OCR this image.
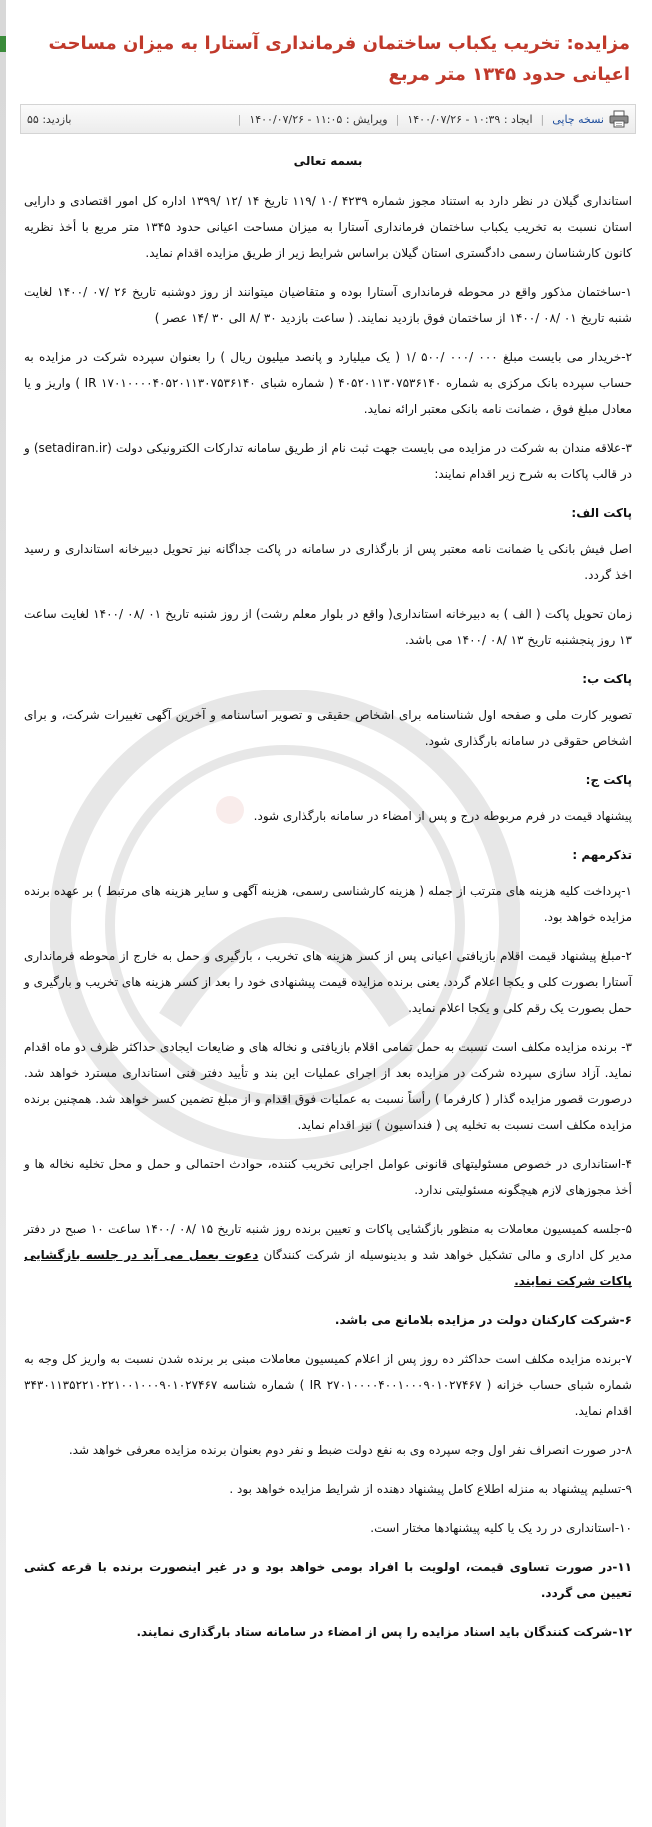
مزایده: تخریب یکباب ساختمان فرمانداری آستارا به میزان مساحت اعیانی حدود ۱۳۴۵ متر مربع
نسخه چاپی
|
ایجاد : ۱۰:۳۹ - ۱۴۰۰/۰۷/۲۶
|
ویرایش : ۱۱:۰۵ - ۱۴۰۰/۰۷/۲۶
|
بازدید: ۵۵

بسمه تعالی

استانداری گیلان در نظر دارد به استناد مجوز شماره ۴۲۳۹ /۱۰ /۱۱۹ تاریخ ۱۴ /۱۲ /۱۳۹۹ اداره کل امور اقتصادی و دارایی استان نسبت به تخریب یکباب ساختمان فرمانداری آستارا به میزان مساحت اعیانی حدود ۱۳۴۵ متر مربع با أخذ نظریه کانون کارشناسان رسمی دادگستری استان گیلان براساس شرایط زیر از طریق مزایده اقدام نماید.

۱-ساختمان مذکور واقع در محوطه فرمانداری آستارا بوده و متقاضیان میتوانند از روز دوشنبه تاریخ ۲۶ /۰۷ /۱۴۰۰ لغایت شنبه تاریخ ۰۱ /۰۸ /۱۴۰۰ از ساختمان فوق بازدید نمایند. ( ساعت بازدید ۳۰ /۸ الی ۳۰ /۱۴ عصر )

۲-خریدار می بایست مبلغ ۰۰۰ /۰۰۰ /۵۰۰ /۱ ( یک میلیارد و پانصد میلیون ریال ) را بعنوان سپرده شرکت در مزایده به حساب سپرده بانک مرکزی به شماره ۴۰۵۲۰۱۱۳۰۷۵۳۶۱۴۰ ( شماره شبای IR ۱۷۰۱۰۰۰۰۴۰۵۲۰۱۱۳۰۷۵۳۶۱۴۰ ) واریز و یا معادل مبلغ فوق ، ضمانت نامه بانکی معتبر ارائه نماید.

۳-علاقه مندان به شرکت در مزایده می بایست جهت ثبت نام از طریق سامانه تدارکات الکترونیکی دولت (setadiran.ir) و در قالب پاکات به شرح زیر اقدام نمایند:

پاکت الف:

اصل فیش بانکی یا ضمانت نامه معتبر پس از بارگذاری در سامانه در پاکت جداگانه نیز تحویل دبیرخانه استانداری و رسید اخذ گردد.

زمان تحویل پاکت ( الف ) به دبیرخانه استانداری( واقع در بلوار معلم رشت) از روز شنبه تاریخ ۰۱ /۰۸ /۱۴۰۰ لغایت ساعت ۱۳ روز پنجشنبه تاریخ ۱۳ /۰۸ /۱۴۰۰ می باشد.

پاکت ب:

تصویر کارت ملی و صفحه اول شناسنامه برای اشخاص حقیقی و تصویر اساسنامه و آخرین آگهی تغییرات شرکت، و برای اشخاص حقوقی در سامانه بارگذاری شود.

پاکت ج:

پیشنهاد قیمت در فرم مربوطه درج و پس از امضاء در سامانه بارگذاری شود.

تذکرمهم :

۱-پرداخت کلیه هزینه های مترتب از جمله ( هزینه کارشناسی رسمی، هزینه آگهی و سایر هزینه های مرتبط ) بر عهده برنده مزایده خواهد بود.

۲-مبلغ پیشنهاد قیمت اقلام بازیافتی اعیانی پس از کسر هزینه های تخریب ، بارگیری و حمل به خارج از محوطه فرمانداری آستارا بصورت کلی و یکجا اعلام گردد. یعنی برنده مزایده قیمت پیشنهادی خود را بعد از کسر هزینه های تخریب و بارگیری و حمل بصورت یک رقم کلی و یکجا اعلام نماید.

۳- برنده مزایده مکلف است نسبت به حمل تمامی اقلام بازیافتی و نخاله های و ضایعات ایجادی حداکثر ظرف دو ماه اقدام نماید. آزاد سازی سپرده شرکت در مزایده بعد از اجرای عملیات این بند و تأیید دفتر فنی استانداری مسترد خواهد شد. درصورت قصور مزایده گذار ( کارفرما ) رأساً نسبت به عملیات فوق اقدام و از مبلغ تضمین کسر خواهد شد. همچنین برنده مزایده مکلف است نسبت به تخلیه پی ( فنداسیون ) نیز اقدام نماید.

۴-استانداری در خصوص مسئولیتهای قانونی عوامل اجرایی تخریب کننده، حوادث احتمالی و حمل و محل تخلیه نخاله ها و أخذ مجوزهای لازم هیچگونه مسئولیتی ندارد.

۵-جلسه کمیسیون معاملات به منظور بازگشایی پاکات و تعیین برنده روز شنبه تاریخ ۱۵ /۰۸ /۱۴۰۰ ساعت ۱۰ صبح در دفتر مدیر کل اداری و مالی تشکیل خواهد شد و بدینوسیله از شرکت کنندگان دعوت بعمل می آید در جلسه بازگشایی پاکات شرکت نمایند.

۶-شرکت کارکنان دولت در مزایده بلامانع می باشد.

۷-برنده مزایده مکلف است حداکثر ده روز پس از اعلام کمیسیون معاملات مبنی بر برنده شدن نسبت به واریز کل وجه به شماره شبای حساب خزانه ( IR ۲۷۰۱۰۰۰۰۴۰۰۱۰۰۰۹۰۱۰۲۷۴۶۷ ) شماره شناسه ۳۴۳۰۱۱۳۵۲۲۱۰۲۲۱۰۰۱۰۰۰۹۰۱۰۲۷۴۶۷ اقدام نماید.

۸-در صورت انصراف نفر اول وجه سپرده وی به نفع دولت ضبط و نفر دوم بعنوان برنده مزایده معرفی خواهد شد.

۹-تسلیم پیشنهاد به منزله اطلاع کامل پیشنهاد دهنده از شرایط مزایده خواهد بود .

۱۰-استانداری در رد یک یا کلیه پیشنهادها مختار است.

۱۱-در صورت تساوی قیمت، اولویت با افراد بومی خواهد بود و در غیر اینصورت برنده با قرعه کشی تعیین می گردد.

۱۲-شرکت کنندگان باید اسناد مزایده را پس از امضاء در سامانه ستاد بارگذاری نمایند.
